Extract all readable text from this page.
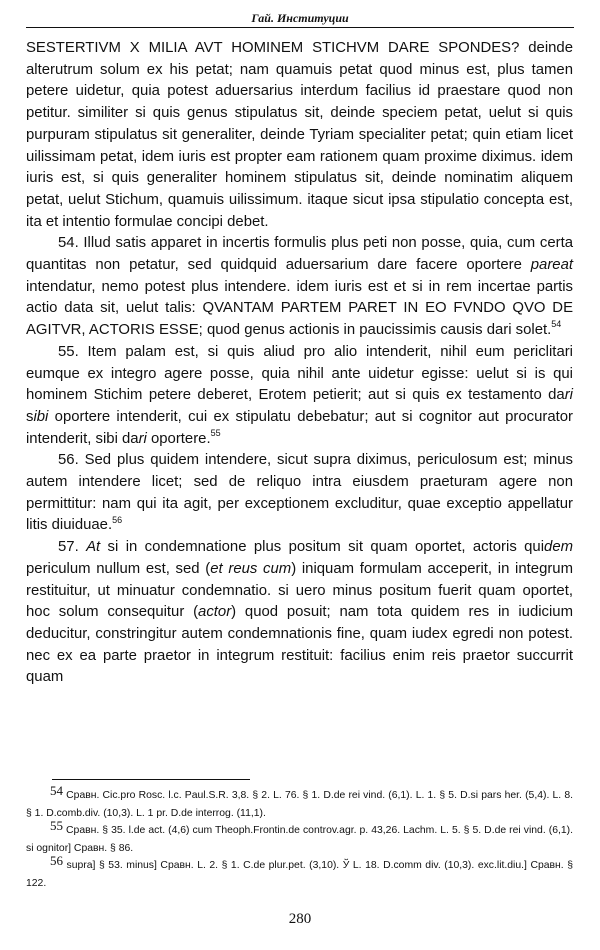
Гай. Институции

SESTERTIVM X MILIA AVT HOMINEM STICHVM DARE SPONDES? deinde alterutrum solum ex his petat; nam quamuis petat quod minus est, plus tamen petere uidetur, quia potest aduersarius interdum facilius id praestare quod non petitur. similiter si quis genus stipulatus sit, deinde speciem petat, uelut si quis purpuram stipulatus sit generaliter, deinde Tyriam specialiter petat; quin etiam licet uilissimam petat, idem iuris est propter eam rationem quam proxime diximus. idem iuris est, si quis generaliter hominem stipulatus sit, deinde nominatim aliquem petat, uelut Stichum, quamuis uilissimum. itaque sicut ipsa stipulatio concepta est, ita et intentio formulae concipi debet.

54. Illud satis apparet in incertis formulis plus peti non posse, quia, cum certa quantitas non petatur, sed quidquid aduersarium dare facere oportere pareat intendatur, nemo potest plus intendere. idem iuris est et si in rem incertae partis actio data sit, uelut talis: QVANTAM PARTEM PARET IN EO FVNDO QVO DE AGITVR, ACTORIS ESSE; quod genus actionis in paucissimis causis dari solet.$^{54}$

55. Item palam est, si quis aliud pro alio intenderit, nihil eum periclitari eumque ex integro agere posse, quia nihil ante uidetur egisse: uelut si is qui hominem Stichim petere deberet, Erotem petierit; aut si quis ex testamento dari sibi oportere intenderit, cui ex stipulatu debebatur; aut si cognitor aut procurator intenderit, sibi dari oportere.$^{55}$

56. Sed plus quidem intendere, sicut supra diximus, periculosum est; minus autem intendere licet; sed de reliquo intra eiusdem praeturam agere non permittitur: nam qui ita agit, per exceptionem excluditur, quae exceptio appellatur litis diuiduae.$^{56}$

57. At si in condemnatione plus positum sit quam oportet, actoris quidem periculum nullum est, sed (et reus cum) iniquam formulam acceperit, in integrum restituitur, ut minuatur condemnatio. si uero minus positum fuerit quam oportet, hoc solum consequitur (actor) quod posuit; nam tota quidem res in iudicium deducitur, constringitur autem condemnationis fine, quam iudex egredi non potest. nec ex ea parte praetor in integrum restituit: facilius enim reis praetor succurrit quam

$^{54}$ Сравн. Cic.pro Rosc. l.c. Paul.S.R. 3,8. § 2. L. 76. § 1. D.de rei vind. (6,1). L. 1. § 5. D.si pars her. (5,4). L. 8. § 1. D.comb.div. (10,3). L. 1 pr. D.de interrog. (11,1).

$^{55}$ Сравн. § 35. l.de act. (4,6) cum Theoph.Frontin.de controv.agr. p. 43,26. Lachm. L. 5. § 5. D.de rei vind. (6,1). si ognitor] Сравн. § 86.

$^{56}$ supra] § 53. minus] Сравн. L. 2. § 1. C.de plur.pet. (3,10). Ў L. 18. D.comm div. (10,3). exc.lit.diu.] Сравн. § 122.

280
